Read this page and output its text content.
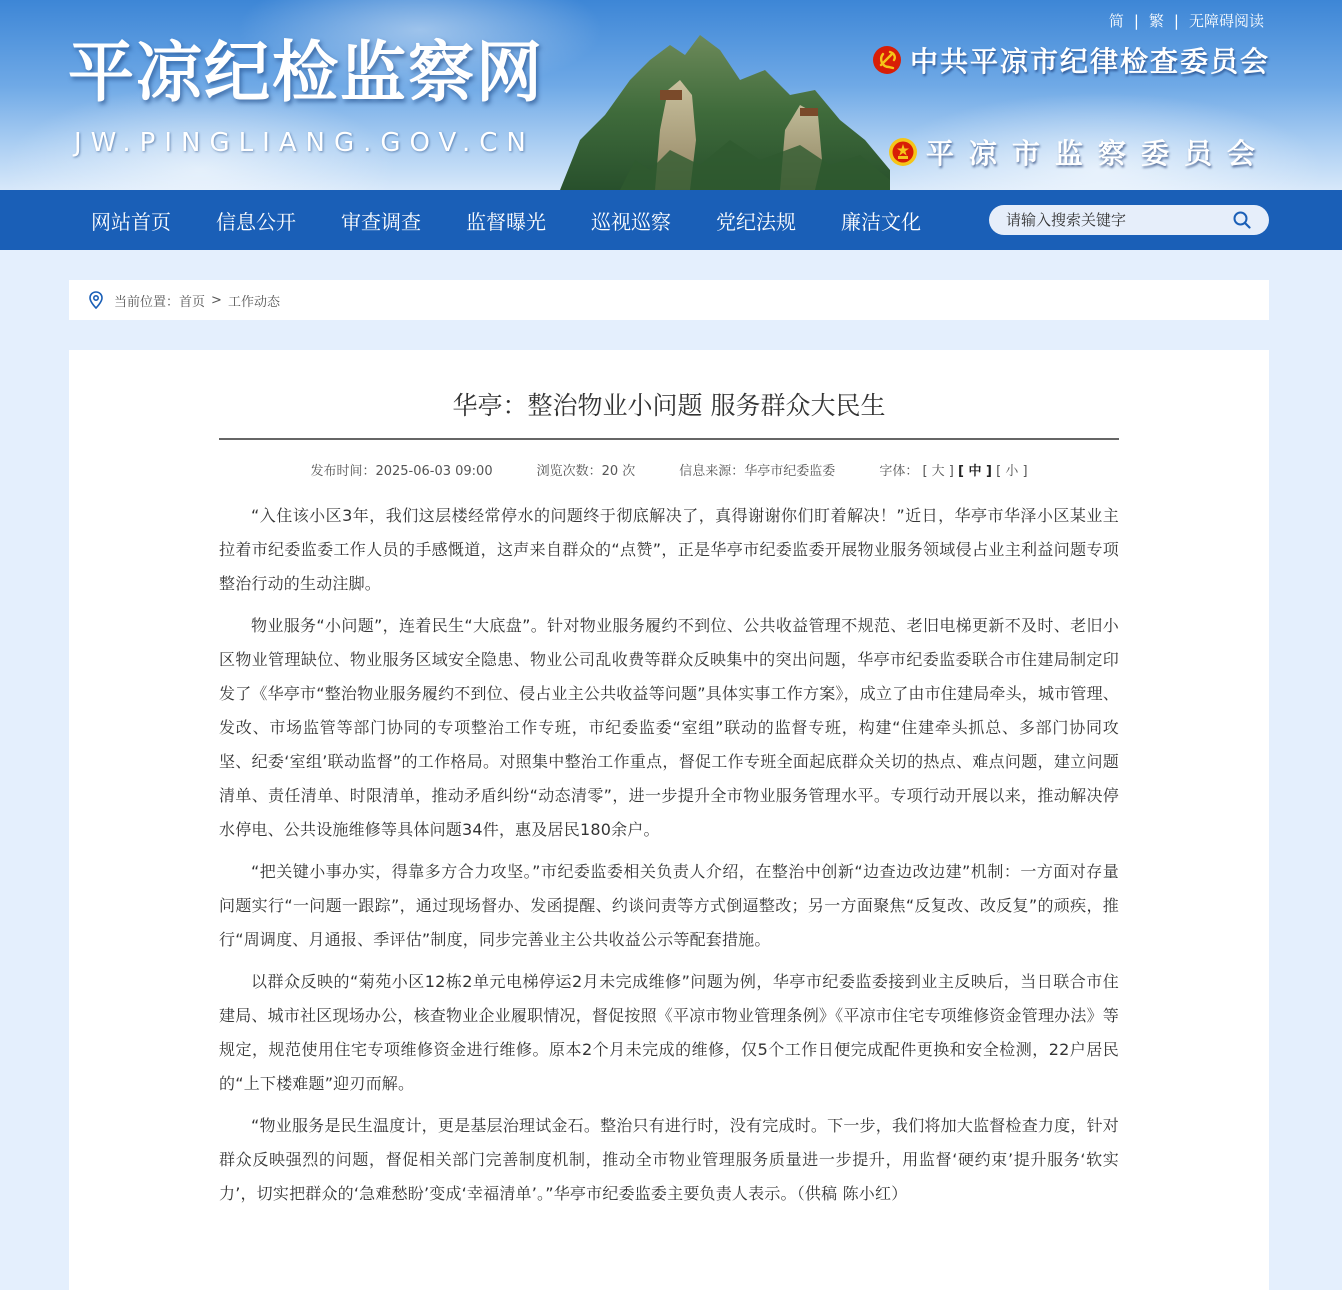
平凉纪检监察网
JW.PINGLIANG.GOV.CN
简 | 繁 | 无障碍阅读
中共平凉市纪律检查委员会
平凉市监察委员会
网站首页 信息公开 审查调查 监督曝光 巡视巡察 党纪法规 廉洁文化
请输入搜索关键字
当前位置： 首页 > 工作动态
华亭：整治物业小问题 服务群众大民生
发布时间：2025-06-03 09:00	浏览次数：20 次	信息来源：华亭市纪委监委	字体： [ 大 ] [ 中 ] [ 小 ]

“入住该小区3年，我们这层楼经常停水的问题终于彻底解决了，真得谢谢你们盯着解决！”近日，华亭市华泽小区某业主拉着市纪委监委工作人员的手感慨道，这声来自群众的“点赞”，正是华亭市纪委监委开展物业服务领域侵占业主利益问题专项整治行动的生动注脚。

物业服务“小问题”，连着民生“大底盘”。针对物业服务履约不到位、公共收益管理不规范、老旧电梯更新不及时、老旧小区物业管理缺位、物业服务区域安全隐患、物业公司乱收费等群众反映集中的突出问题，华亭市纪委监委联合市住建局制定印发了《华亭市“整治物业服务履约不到位、侵占业主公共收益等问题”具体实事工作方案》，成立了由市住建局牵头，城市管理、发改、市场监管等部门协同的专项整治工作专班，市纪委监委“室组”联动的监督专班，构建“住建牵头抓总、多部门协同攻坚、纪委‘室组’联动监督”的工作格局。对照集中整治工作重点，督促工作专班全面起底群众关切的热点、难点问题，建立问题清单、责任清单、时限清单，推动矛盾纠纷“动态清零”，进一步提升全市物业服务管理水平。专项行动开展以来，推动解决停水停电、公共设施维修等具体问题34件，惠及居民180余户。

“把关键小事办实，得靠多方合力攻坚。”市纪委监委相关负责人介绍，在整治中创新“边查边改边建”机制：一方面对存量问题实行“一问题一跟踪”，通过现场督办、发函提醒、约谈问责等方式倒逼整改；另一方面聚焦“反复改、改反复”的顽疾，推行“周调度、月通报、季评估”制度，同步完善业主公共收益公示等配套措施。

以群众反映的“菊苑小区12栋2单元电梯停运2月未完成维修”问题为例，华亭市纪委监委接到业主反映后，当日联合市住建局、城市社区现场办公，核查物业企业履职情况，督促按照《平凉市物业管理条例》《平凉市住宅专项维修资金管理办法》等规定，规范使用住宅专项维修资金进行维修。原本2个月未完成的维修，仅5个工作日便完成配件更换和安全检测，22户居民的“上下楼难题”迎刃而解。

“物业服务是民生温度计，更是基层治理试金石。整治只有进行时，没有完成时。下一步，我们将加大监督检查力度，针对群众反映强烈的问题，督促相关部门完善制度机制，推动全市物业管理服务质量进一步提升，用监督‘硬约束’提升服务‘软实力’，切实把群众的‘急难愁盼’变成‘幸福清单’。”华亭市纪委监委主要负责人表示。（供稿 陈小红）
